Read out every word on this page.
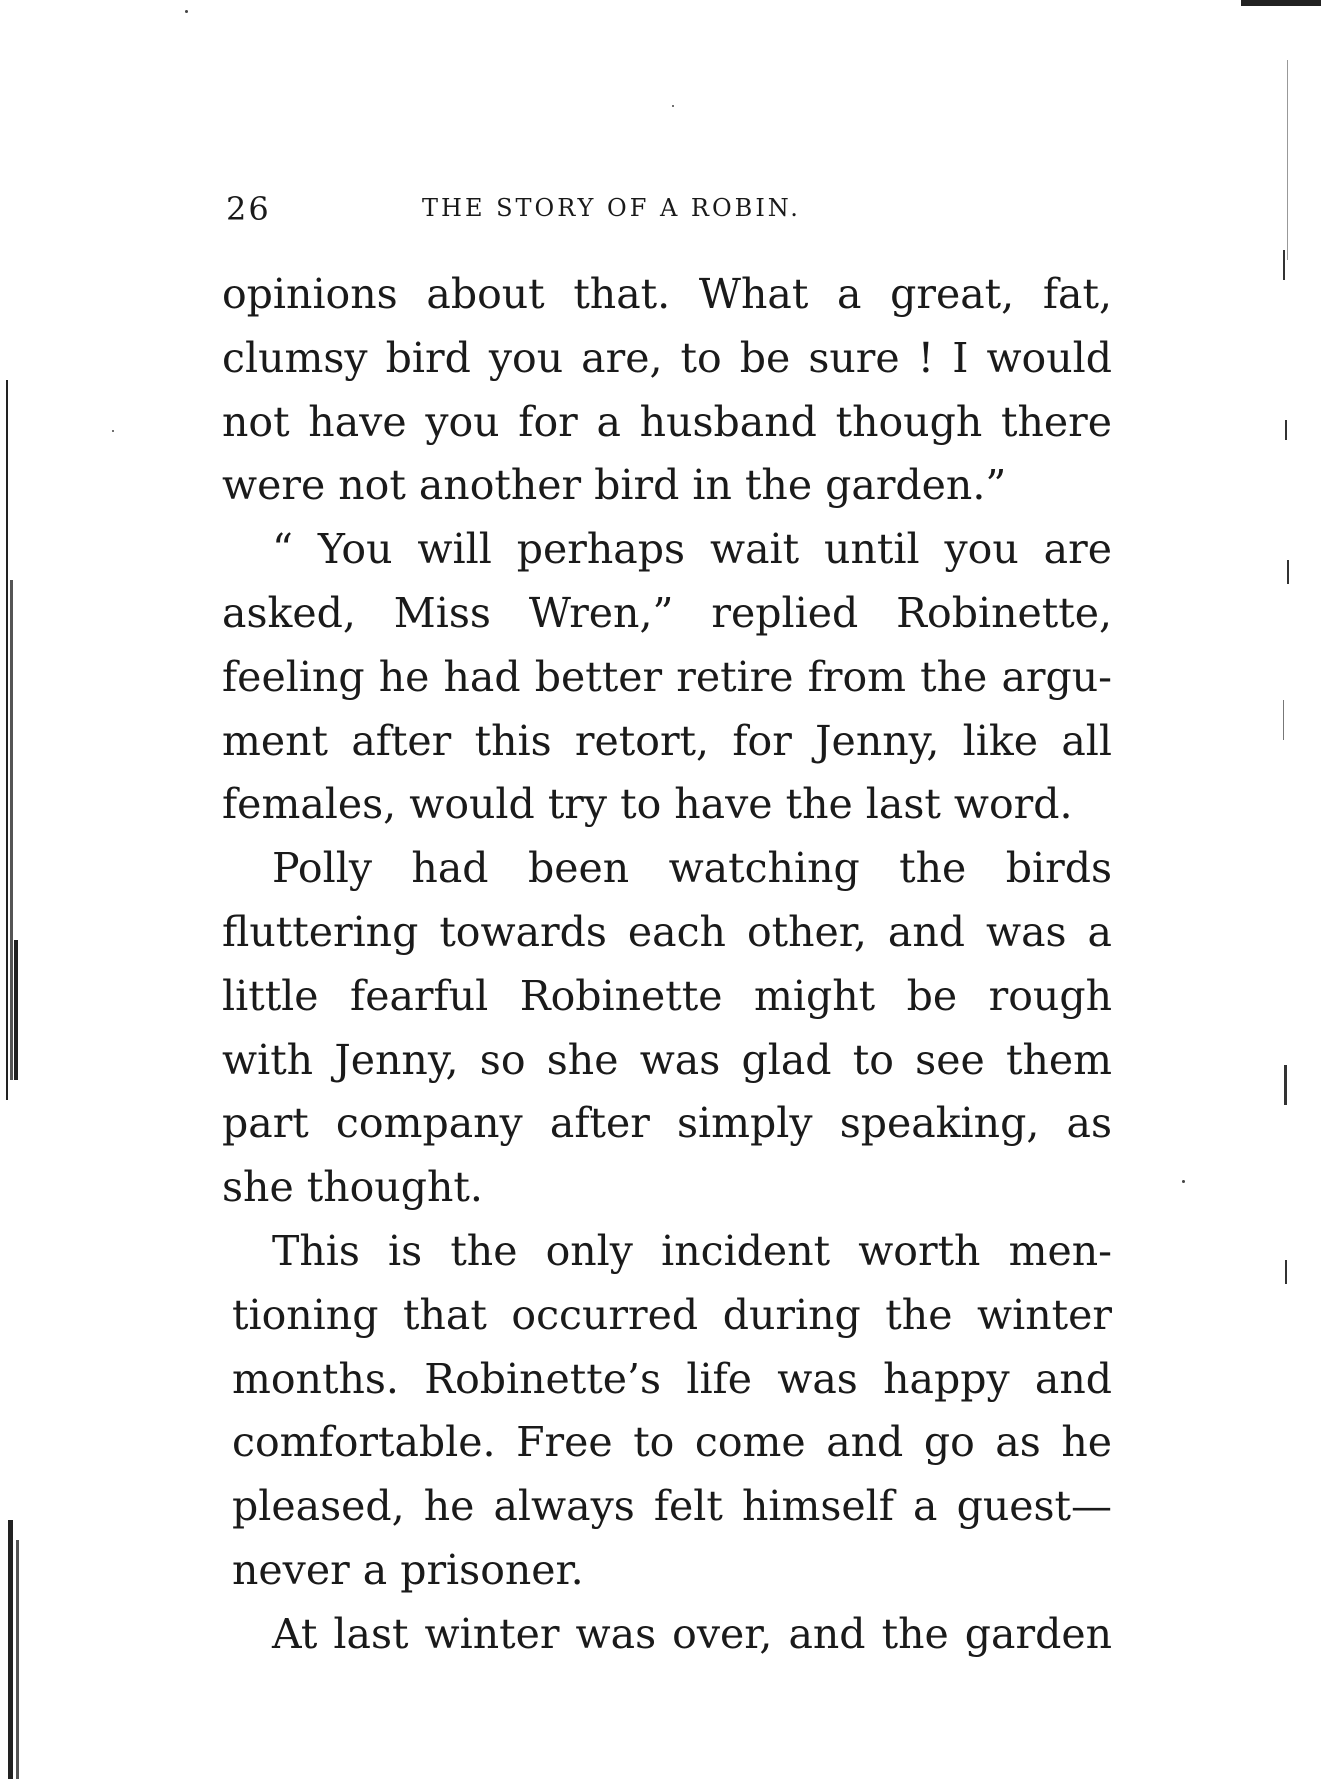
26	THE STORY OF A ROBIN.
opinions about that. What a great, fat,
clumsy bird you are, to be sure ! I would
not have you for a husband though there
were not another bird in the garden.”
“ You will perhaps wait until you are
asked, Miss Wren,” replied Robinette,
feeling he had better retire from the argu-
ment after this retort, for Jenny, like all
females, would try to have the last word.
Polly had been watching the birds
fluttering towards each other, and was a
little fearful Robinette might be rough
with Jenny, so she was glad to see them
part company after simply speaking, as
she thought.
This is the only incident worth men-
tioning that occurred during the winter
months. Robinette’s life was happy and
comfortable. Free to come and go as he
pleased, he always felt himself a guest—
never a prisoner.
At last winter was over, and the garden
